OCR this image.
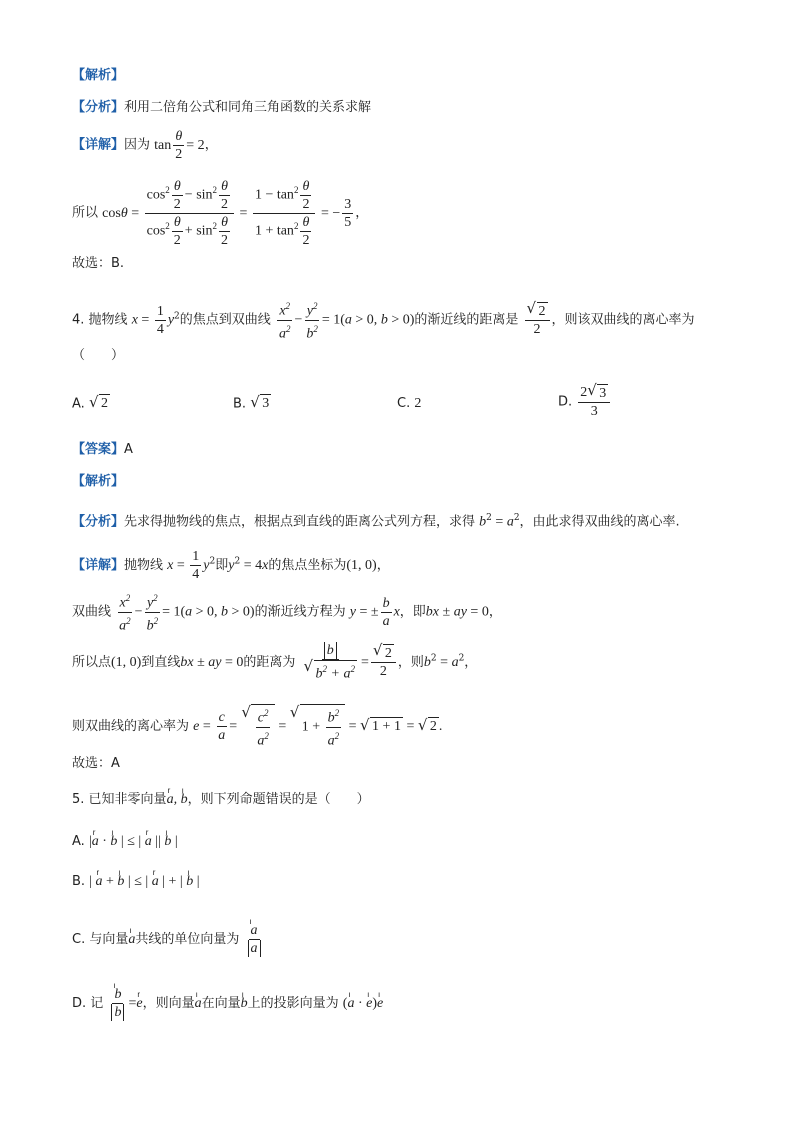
【解析】
【分析】利用二倍角公式和同角三角函数的关系求解
【详解】因为 $\tan \frac{\theta}{2} = 2$，
所以 $\cos\theta = \frac{\cos^2 \frac{\theta}{2} - \sin^2 \frac{\theta}{2}}{\cos^2 \frac{\theta}{2} + \sin^2 \frac{\theta}{2}} = \frac{1 - \tan^2 \frac{\theta}{2}}{1 + \tan^2 \frac{\theta}{2}}$ = − $\frac{3}{5}$ ，
故选：B.
4. 抛物线 $x = \frac{1}{4} y^2$的焦点到双曲线 $\frac{x^2}{a^2} - \frac{y^2}{b^2} = 1(a > 0$, b > 0)的渐近线的距离是 √ $\frac{2}{2}$ ，则该双曲线的离心率为
（　　）
A. √ 2	B. √ 3	C. 2	D. $\frac{2 √ 3}{3}$
【答案】A
【解析】
【分析】先求得抛物线的焦点，根据点到直线的距离公式列方程，求得 $b^2 = a^2$，由此求得双曲线的离心率.
【详解】抛物线 $x = \frac{1}{4} y^2$即$y^2 = 4x$的焦点坐标为(1, 0)，
双曲线 $\frac{x^2}{a^2} - \frac{y^2}{b^2} = 1(a > 0$, b > 0)的渐近线方程为 y = ± $\frac{b}{a}$ x，即bx ± ay = 0，
所以点(1, 0)到直线bx ± ay = 0的距离为 b
√ $b^2 + a^2$ = √ $\frac{2}{2}$ ，则$b^2 = a^2$，
则双曲线的离心率为 $e = \frac{c}{a}$ = √ $\frac{c^2}{a^2}$ = √ $1 + \frac{b^2}{a^2}$ = √ 1 + 1 = √ 2 .
故选：A
5. 已知非零向量r a, ı b，则下列命题错误的是（　　）
A. |r a · ı b | ≤ | r a || ı b |
B. | r a + ı b | ≤ | r a | + | ı b |
C. 与向量ı a共线的单位向量为 ı $\frac{a}{a}$
D. 记 ı $\frac{b}{b} =r$ e，则向量ı a在向量ı b上的投影向量为 (ı a · ı e)ı e
